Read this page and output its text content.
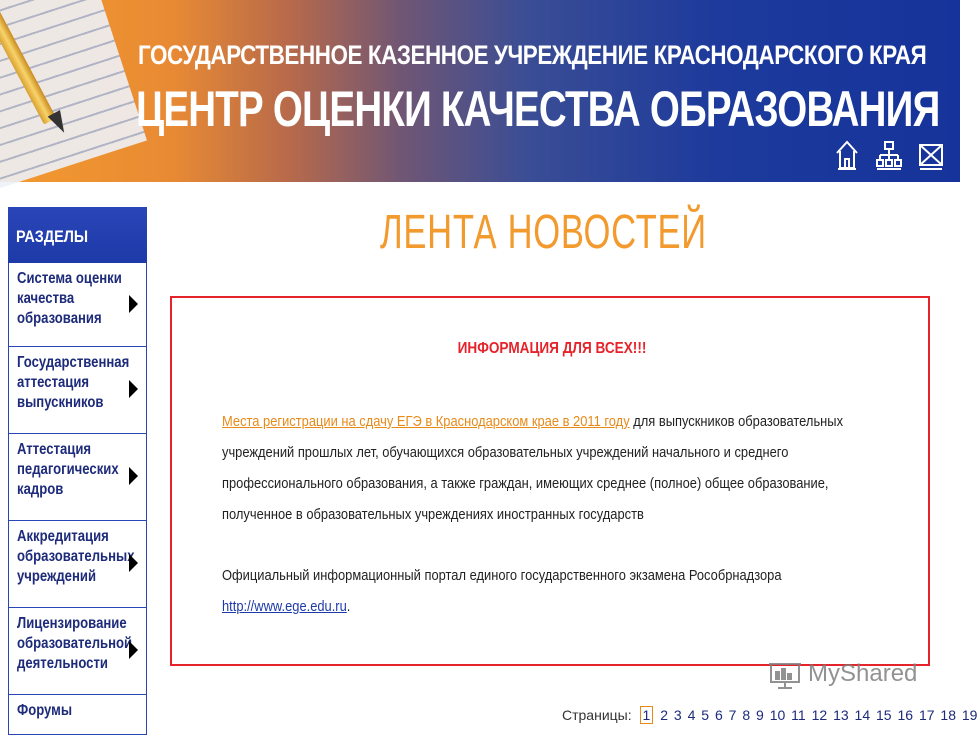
ГОСУДАРСТВЕННОЕ КАЗЕННОЕ УЧРЕЖДЕНИЕ КРАСНОДАРСКОГО КРАЯ
ЦЕНТР ОЦЕНКИ КАЧЕСТВА ОБРАЗОВАНИЯ
РАЗДЕЛЫ
Система оценки качества образования
Государственная аттестация выпускников
Аттестация педагогических кадров
Аккредитация образовательных учреждений
Лицензирование образовательной деятельности
Форумы
ЛЕНТА НОВОСТЕЙ
ИНФОРМАЦИЯ ДЛЯ ВСЕХ!!!
Места регистрации на сдачу ЕГЭ в Краснодарском крае в 2011 году для выпускников образовательных
учреждений прошлых лет, обучающихся образовательных учреждений начального и среднего
профессионального образования, а также граждан, имеющих среднее (полное) общее образование,
полученное в образовательных учреждениях иностранных государств
Официальный информационный портал единого государственного экзамена Рособрнадзора
http://www.ege.edu.ru.
MyShared
Страницы: 1 2 3 4 5 6 7 8 9 10 11 12 13 14 15 16 17 18 19
